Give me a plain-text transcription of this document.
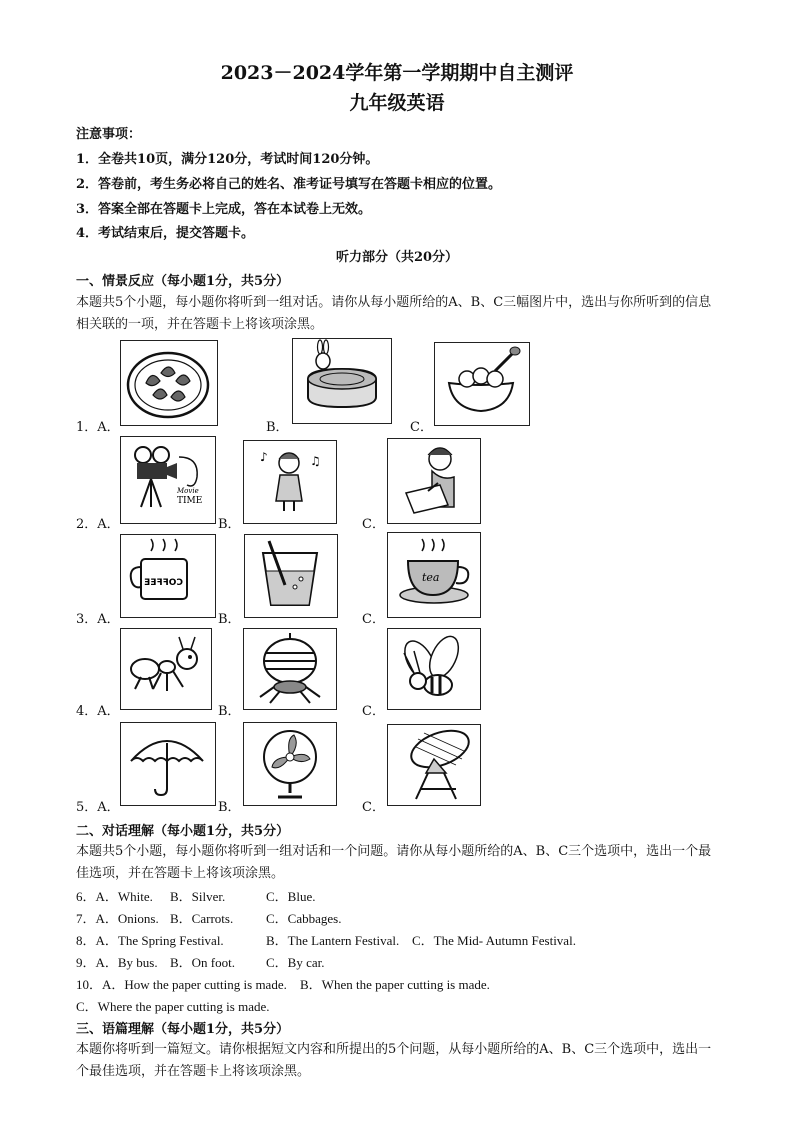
2023－2024学年第一学期期中自主测评
九年级英语
注意事项：
1．全卷共10页，满分120分，考试时间120分钟。
2．答卷前，考生务必将自己的姓名、准考证号填写在答题卡相应的位置。
3．答案全部在答题卡上完成，答在本试卷上无效。
4．考试结束后，提交答题卡。
听力部分（共20分）
一、情景反应（每小题1分，共5分）
本题共5个小题，每小题你将听到一组对话。请你从每小题所给的A、B、C三幅图片中，选出与你所听到的信息相关联的一项，并在答题卡上将该项涂黑。
1．A．	B．	C．
2．A．
Movie
TIME
B．
♪	♫
C．
3．A．
COFFEE
B．	C．
tea
4．A．	B．	C．
5．A．	B．	C．
二、对话理解（每小题1分，共5分）
本题共5个小题，每小题你将听到一组对话和一个问题。请你从每小题所给的A、B、C三个选项中，选出一个最佳选项，并在答题卡上将该项涂黑。
6．A．White. B．Silver.	C．Blue.
7．A．Onions. B．Carrots.	C．Cabbages.
8．A．The Spring Festival.	B．The Lantern Festival. C．The Mid- Autumn Festival.
9．A．By bus. B．On foot. C．By car.
10．A．How the paper cutting is made. B．When the paper cutting is made.
C．Where the paper cutting is made.
三、语篇理解（每小题1分，共5分）
本题你将听到一篇短文。请你根据短文内容和所提出的5个问题，从每小题所给的A、B、C三个选项中，选出一个最佳选项，并在答题卡上将该项涂黑。
